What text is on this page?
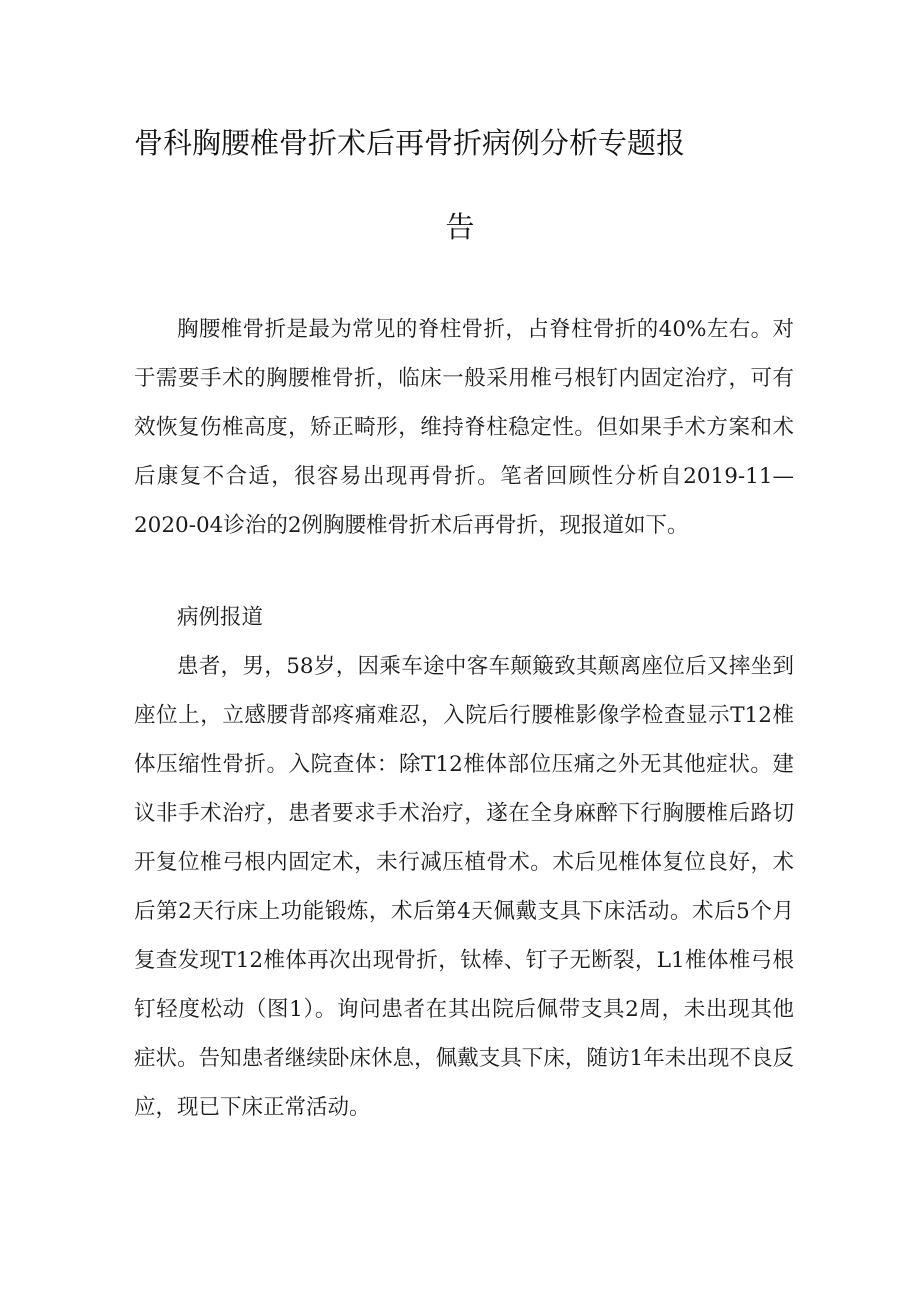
骨科胸腰椎骨折术后再骨折病例分析专题报
告
胸腰椎骨折是最为常见的脊柱骨折，占脊柱骨折的40%左右。对于需要手术的胸腰椎骨折，临床一般采用椎弓根钉内固定治疗，可有效恢复伤椎高度，矫正畸形，维持脊柱稳定性。但如果手术方案和术后康复不合适，很容易出现再骨折。笔者回顾性分析自2019-11—2020-04诊治的2例胸腰椎骨折术后再骨折，现报道如下。
病例报道
患者，男，58岁，因乘车途中客车颠簸致其颠离座位后又摔坐到座位上，立感腰背部疼痛难忍，入院后行腰椎影像学检查显示T12椎体压缩性骨折。入院查体：除T12椎体部位压痛之外无其他症状。建议非手术治疗，患者要求手术治疗，遂在全身麻醉下行胸腰椎后路切开复位椎弓根内固定术，未行减压植骨术。术后见椎体复位良好，术后第2天行床上功能锻炼，术后第4天佩戴支具下床活动。术后5个月复查发现T12椎体再次出现骨折，钛棒、钉子无断裂，L1椎体椎弓根钉轻度松动（图1）。询问患者在其出院后佩带支具2周，未出现其他症状。告知患者继续卧床休息，佩戴支具下床，随访1年未出现不良反应，现已下床正常活动。
